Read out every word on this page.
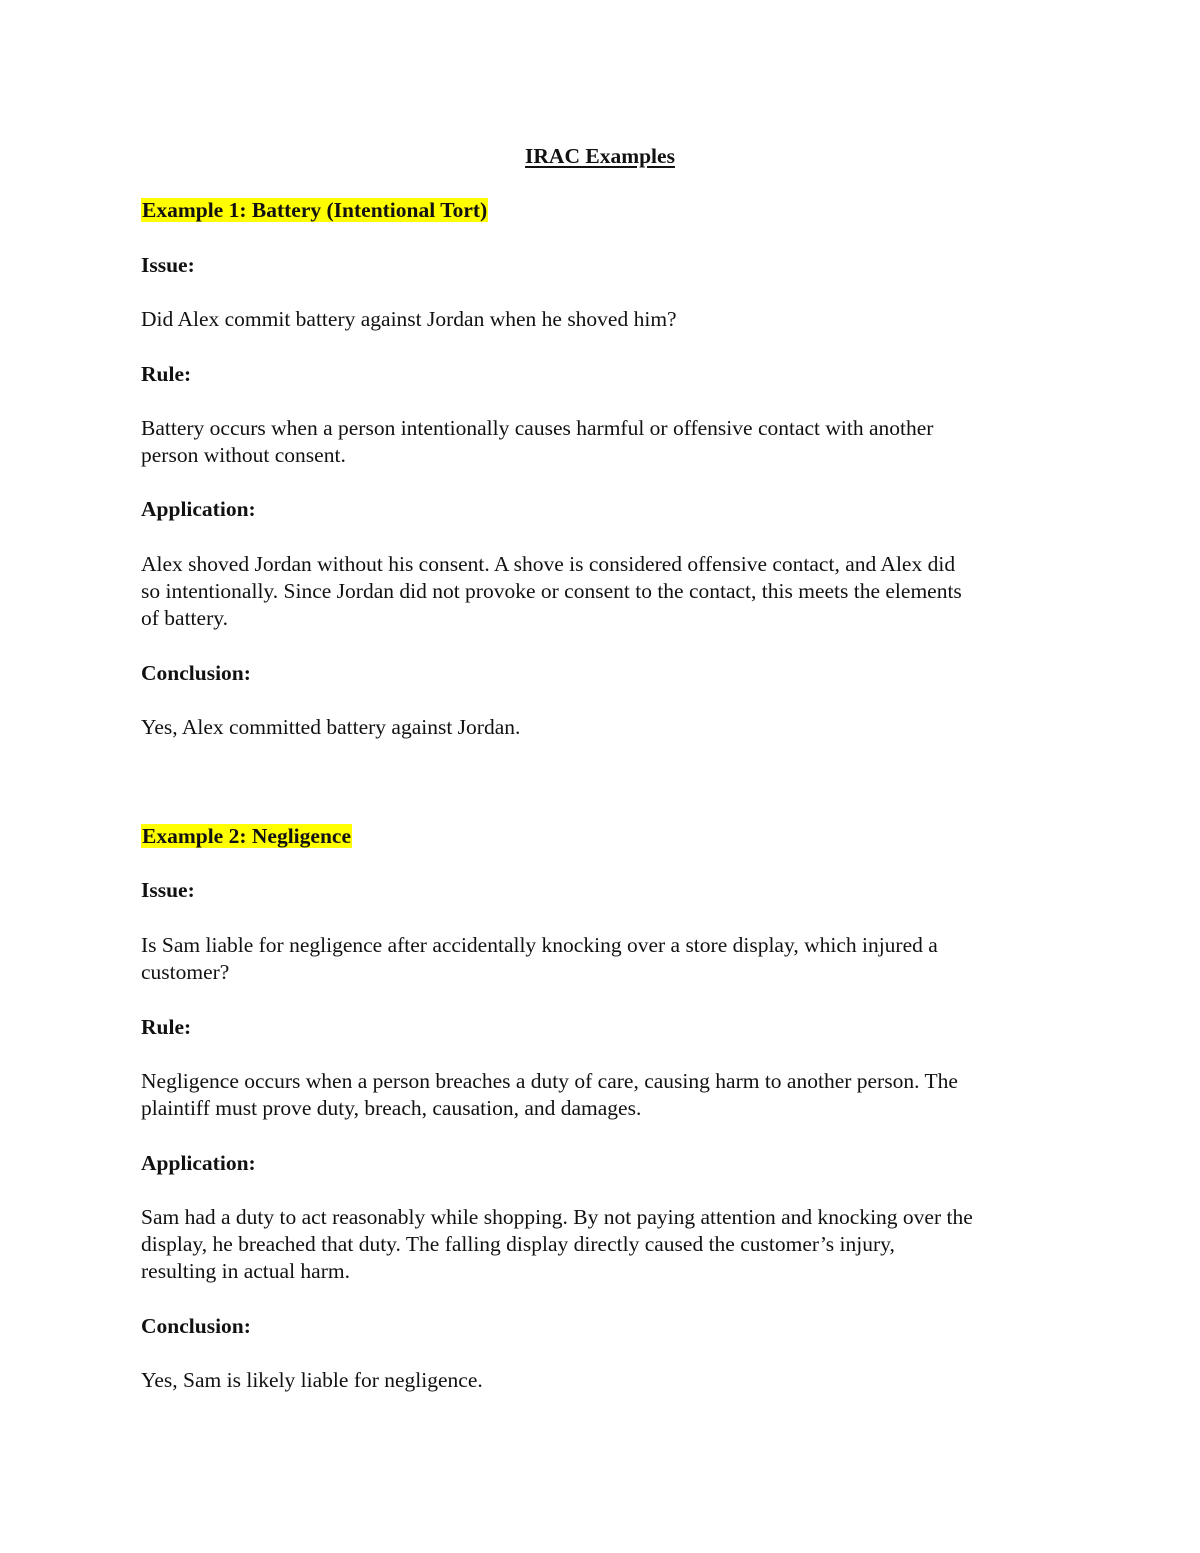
IRAC Examples
Example 1: Battery (Intentional Tort)
Issue:
Did Alex commit battery against Jordan when he shoved him?
Rule:
Battery occurs when a person intentionally causes harmful or offensive contact with another
person without consent.
Application:
Alex shoved Jordan without his consent. A shove is considered offensive contact, and Alex did
so intentionally. Since Jordan did not provoke or consent to the contact, this meets the elements
of battery.
Conclusion:
Yes, Alex committed battery against Jordan.
Example 2: Negligence
Issue:
Is Sam liable for negligence after accidentally knocking over a store display, which injured a
customer?
Rule:
Negligence occurs when a person breaches a duty of care, causing harm to another person. The
plaintiff must prove duty, breach, causation, and damages.
Application:
Sam had a duty to act reasonably while shopping. By not paying attention and knocking over the
display, he breached that duty. The falling display directly caused the customer’s injury,
resulting in actual harm.
Conclusion:
Yes, Sam is likely liable for negligence.
